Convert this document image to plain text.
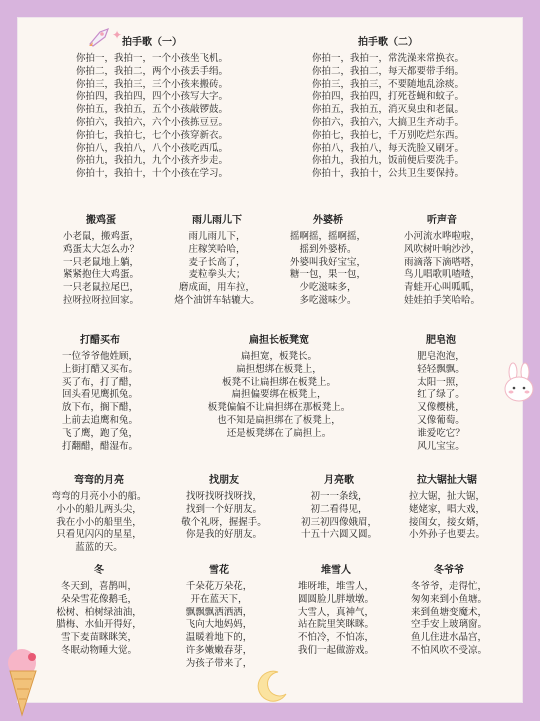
✦
拍手歌（一）
你拍一，我拍一，一个小孩坐飞机。
你拍二，我拍二，两个小孩丢手绢。
你拍三，我拍三，三个小孩来搬砖。
你拍四，我拍四，四个小孩写大字。
你拍五，我拍五，五个小孩敲锣鼓。
你拍六，我拍六，六个小孩拣豆豆。
你拍七，我拍七，七个小孩穿新衣。
你拍八，我拍八，八个小孩吃西瓜。
你拍九，我拍九，九个小孩齐步走。
你拍十，我拍十，十个小孩在学习。
拍手歌（二）
你拍一，我拍一，常洗澡来常换衣。
你拍二，我拍二，每天都要带手绢。
你拍三，我拍三，不要随地乱涂痰。
你拍四，我拍四，打死苍蝇和蚊子。
你拍五，我拍五，消灭臭虫和老鼠。
你拍六，我拍六，大搞卫生齐动手。
你拍七，我拍七，千万别吃烂东西。
你拍八，我拍八，每天洗脸又刷牙。
你拍九，我拍九，饭前便后要洗手。
你拍十，我拍十，公共卫生要保持。
搬鸡蛋
小老鼠，搬鸡蛋，
鸡蛋太大怎么办？
一只老鼠地上躺，
紧紧抱住大鸡蛋。
一只老鼠拉尾巴，
拉呀拉呀拉回家。
雨儿雨儿下
雨儿雨儿下，
庄稼笑哈哈，
麦子长高了，
麦粒拳头大；
磨成面，用车拉，
烙个油饼车轱辘大。
外婆桥
摇啊摇，摇啊摇，
摇到外婆桥。
外婆叫我好宝宝，
糖一包，果一包，
少吃滋味多，
多吃滋味少。
听声音
小河流水哗啦啦，
风吹树叶响沙沙，
雨滴落下滴嗒嗒，
鸟儿唱歌叽喳喳，
青蛙开心叫呱呱，
娃娃拍手笑哈哈。
打醋买布
一位爷爷他姓顾，
上街打醋又买布。
买了布，打了醋，
回头看见鹰抓兔。
放下布，搁下醋，
上前去追鹰和兔。
飞了鹰，跑了兔，
打翻醋，醋湿布。
扁担长板凳宽
扁担宽，板凳长。
扁担想绑在板凳上，
板凳不让扁担绑在板凳上。
扁担偏要绑在板凳上，
板凳偏偏不让扁担绑在那板凳上。
也不知是扁担绑在了板凳上，
还是板凳绑在了扁担上。
肥皂泡
肥皂泡泡，
轻轻飘飘。
太阳一照，
红了绿了。
又像樱桃，
又像葡萄。
谁爱吃它？
风儿宝宝。
弯弯的月亮
弯弯的月亮小小的船。
小小的船儿两头尖，
我在小小的船里坐，
只看见闪闪的星星，
蓝蓝的天。
找朋友
找呀找呀找呀找，
找到一个好朋友。
敬个礼呀，握握手。
你是我的好朋友。
月亮歌
初一一条线，
初二看得见，
初三初四像娥眉，
十五十六圆又圆。
拉大锯扯大锯
拉大锯，扯大锯，
姥姥家，唱大戏，
接闺女，接女婿，
小外孙子也要去。
冬
冬天到，喜鹊叫，
朵朵雪花像鹅毛，
松树、柏树绿油油，
腊梅、水仙开得好，
雪下麦苗眯眯笑，
冬眠动物睡大觉。
雪花
千朵花万朵花，
开在蓝天下，
飘飘飘洒洒洒，
飞向大地妈妈，
温暖着地下的，
许多嫩嫩春芽，
为孩子带来了，
堆雪人
堆呀堆，堆雪人，
圆圆脸儿胖墩墩。
大雪人，真神气，
站在院里笑眯眯。
不怕冷，不怕冻，
我们一起做游戏。
冬爷爷
冬爷爷，走得忙，
匆匆来到小鱼塘。
来到鱼塘变魔术，
空手安上玻璃窗。
鱼儿住进水晶宫，
不怕风吹不受凉。
